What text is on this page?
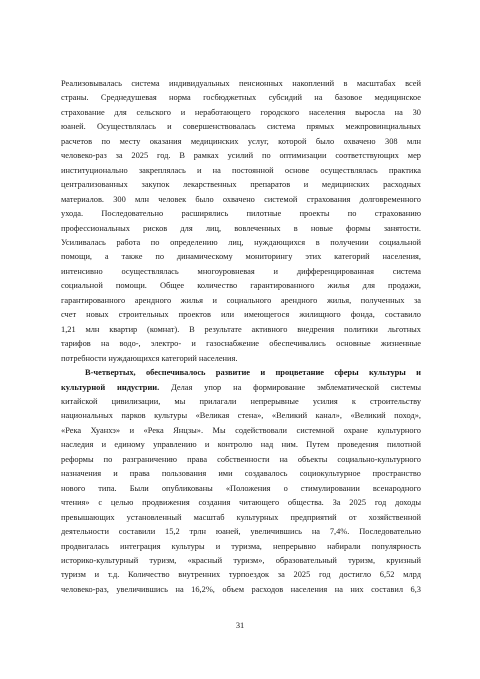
Реализовывалась система индивидуальных пенсионных накоплений в масштабах всей
страны. Среднедушевая норма госбюджетных субсидий на базовое медицинское
страхование для сельского и неработающего городского населения выросла на 30
юаней. Осуществлялась и совершенствовалась система прямых межпровинциальных
расчетов по месту оказания медицинских услуг, которой было охвачено 308 млн
человеко-раз за 2025 год. В рамках усилий по оптимизации соответствующих мер
институционально закреплялась и на постоянной основе осуществлялась практика
централизованных закупок лекарственных препаратов и медицинских расходных
материалов. 300 млн человек было охвачено системой страхования долговременного
ухода. Последовательно расширялись пилотные проекты по страхованию
профессиональных рисков для лиц, вовлеченных в новые формы занятости.
Усиливалась работа по определению лиц, нуждающихся в получении социальной
помощи, а также по динамическому мониторингу этих категорий населения,
интенсивно осуществлялась многоуровневая и дифференцированная система
социальной помощи. Общее количество гарантированного жилья для продажи,
гарантированного арендного жилья и социального арендного жилья, полученных за
счет новых строительных проектов или имеющегося жилищного фонда, составило
1,21 млн квартир (комнат). В результате активного внедрения политики льготных
тарифов на водо-, электро- и газоснабжение обеспечивались основные жизненные
потребности нуждающихся категорий населения.
В-четвертых, обеспечивалось развитие и процветание сферы культуры и
культурной индустрии. Делая упор на формирование эмблематической системы
китайской цивилизации, мы прилагали непрерывные усилия к строительству
национальных парков культуры «Великая стена», «Великий канал», «Великий поход»,
«Река Хуанхэ» и «Река Янцзы». Мы содействовали системной охране культурного
наследия и единому управлению и контролю над ним. Путем проведения пилотной
реформы по разграничению права собственности на объекты социально-культурного
назначения и права пользования ими создавалось социокультурное пространство
нового типа. Были опубликованы «Положения о стимулировании всенародного
чтения» с целью продвижения создания читающего общества. За 2025 год доходы
превышающих установленный масштаб культурных предприятий от хозяйственной
деятельности составили 15,2 трлн юаней, увеличившись на 7,4%. Последовательно
продвигалась интеграция культуры и туризма, непрерывно набирали популярность
историко-культурный туризм, «красный туризм», образовательный туризм, круизный
туризм и т.д. Количество внутренних турпоездок за 2025 год достигло 6,52 млрд
человеко-раз, увеличившись на 16,2%, объем расходов населения на них составил 6,3
31
